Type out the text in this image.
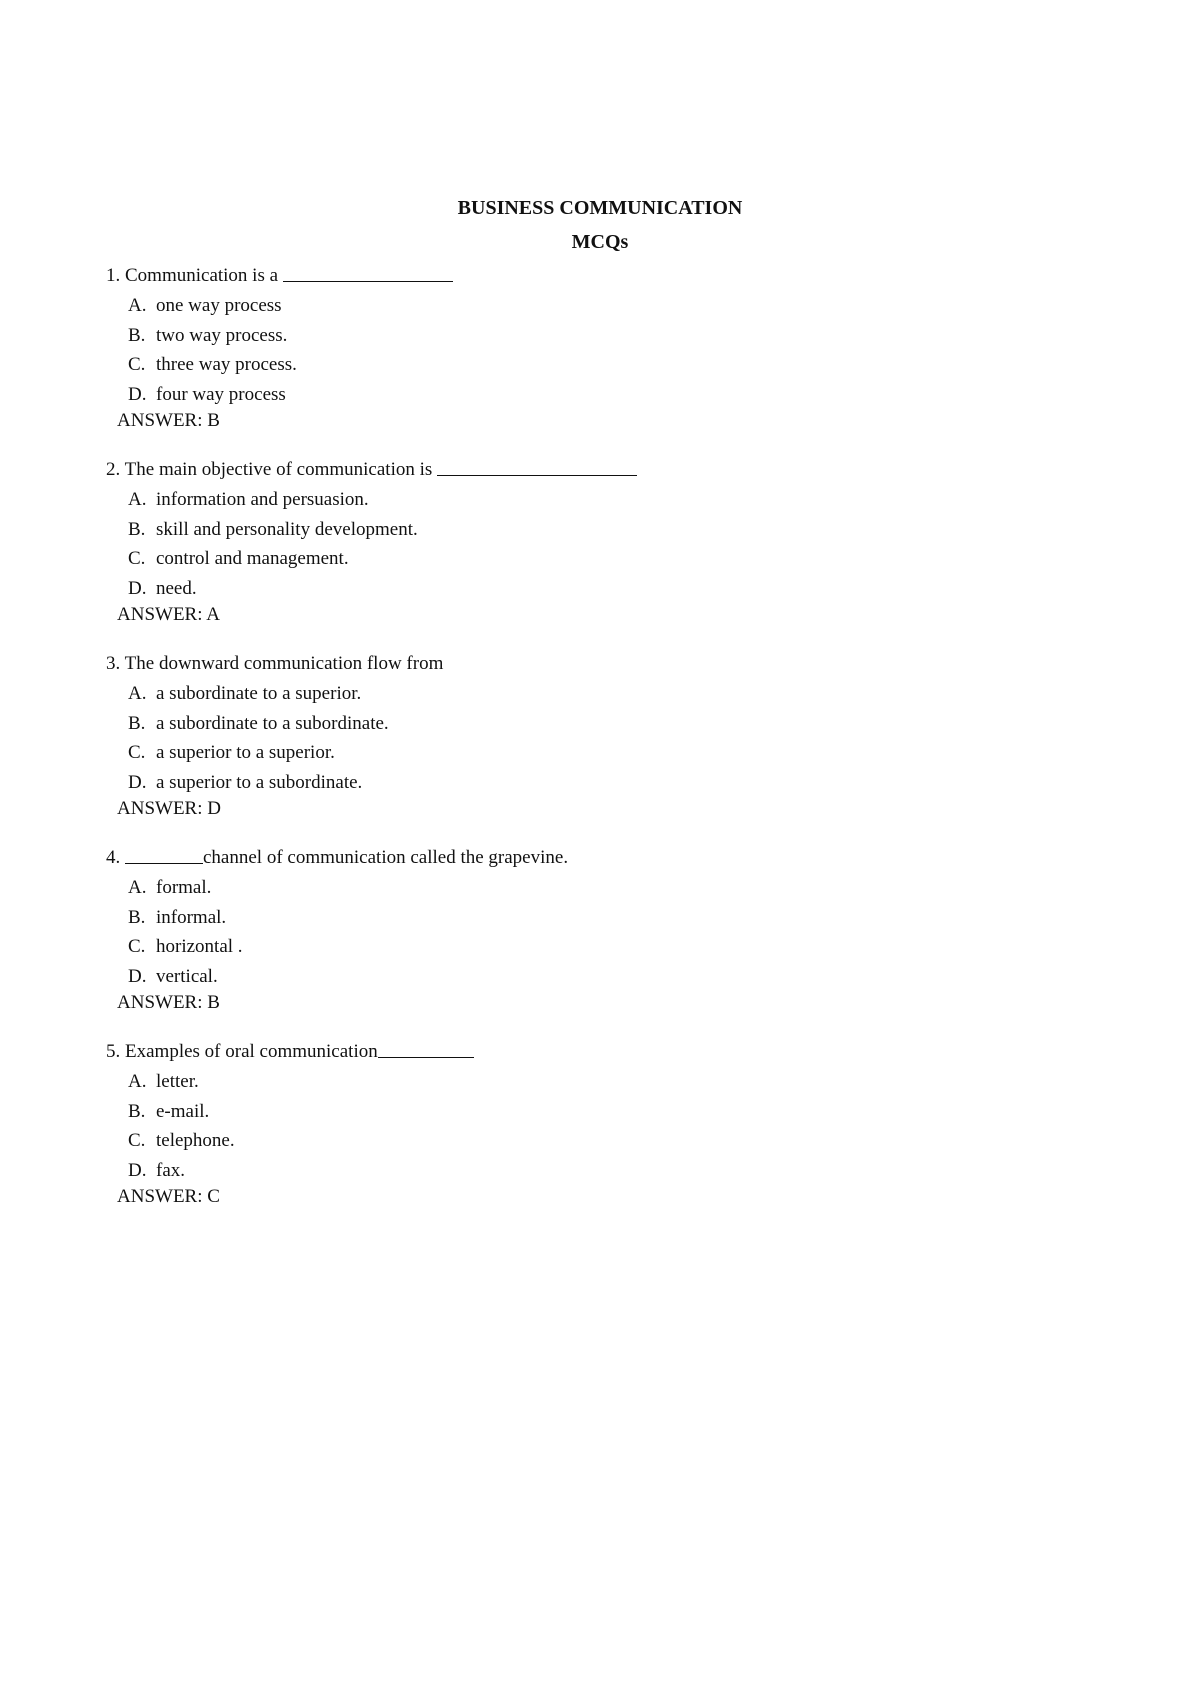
BUSINESS COMMUNICATION
MCQs
1. Communication is a
A. one way process
B. two way process.
C. three way process.
D. four way process
ANSWER: B
2. The main objective of communication is
A. information and persuasion.
B. skill and personality development.
C. control and management.
D. need.
ANSWER: A
3. The downward communication flow from
A. a subordinate to a superior.
B. a subordinate to a subordinate.
C. a superior to a superior.
D. a superior to a subordinate.
ANSWER: D
4.	channel of communication called the grapevine.
A. formal.
B. informal.
C. horizontal .
D. vertical.
ANSWER: B
5. Examples of oral communication
A. letter.
B. e-mail.
C. telephone.
D. fax.
ANSWER: C
